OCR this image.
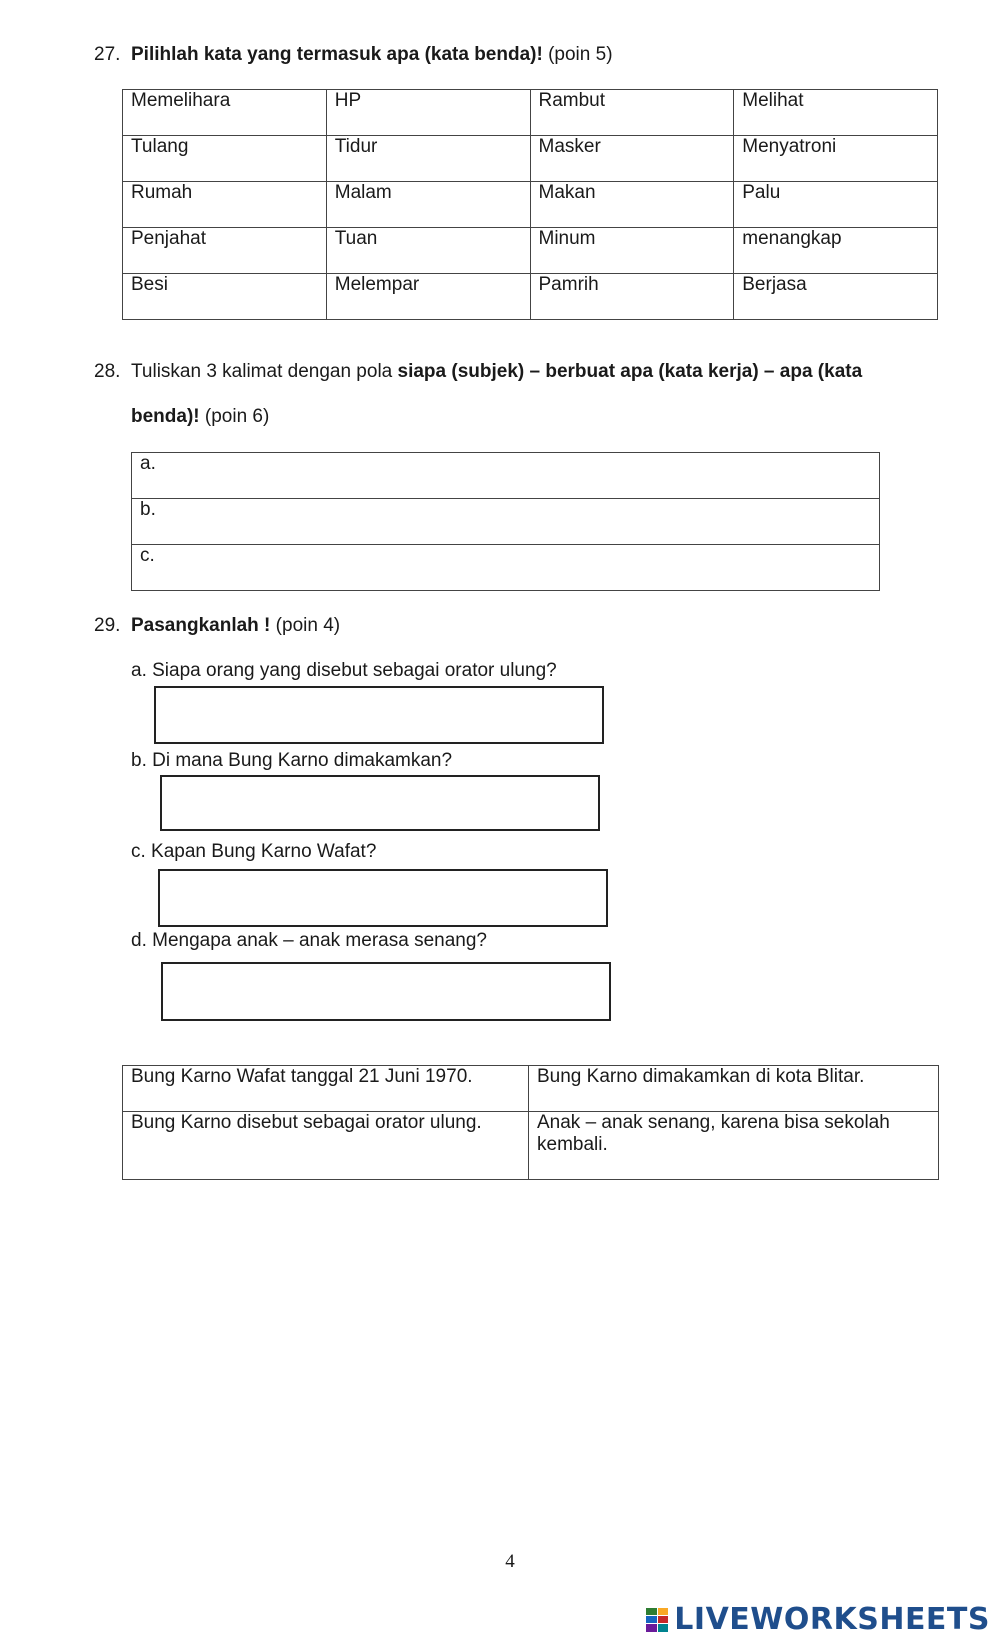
27. Pilihlah kata yang termasuk apa (kata benda)! (poin 5)
Memelihara	HP	Rambut	Melihat
Tulang	Tidur	Masker	Menyatroni
Rumah	Malam	Makan	Palu
Penjahat	Tuan	Minum	menangkap
Besi	Melempar	Pamrih	Berjasa
28. Tuliskan 3 kalimat dengan pola siapa (subjek) – berbuat apa (kata kerja) – apa (kata
benda)! (poin 6)
a.
b.
c.
29. Pasangkanlah ! (poin 4)
a. Siapa orang yang disebut sebagai orator ulung?
b. Di mana Bung Karno dimakamkan?
c. Kapan Bung Karno Wafat?
d. Mengapa anak – anak merasa senang?
Bung Karno Wafat tanggal 21 Juni 1970.	Bung Karno dimakamkan di kota Blitar.
Bung Karno disebut sebagai orator ulung.	Anak – anak senang, karena bisa sekolah kembali.
4
LIVEWORKSHEETS
